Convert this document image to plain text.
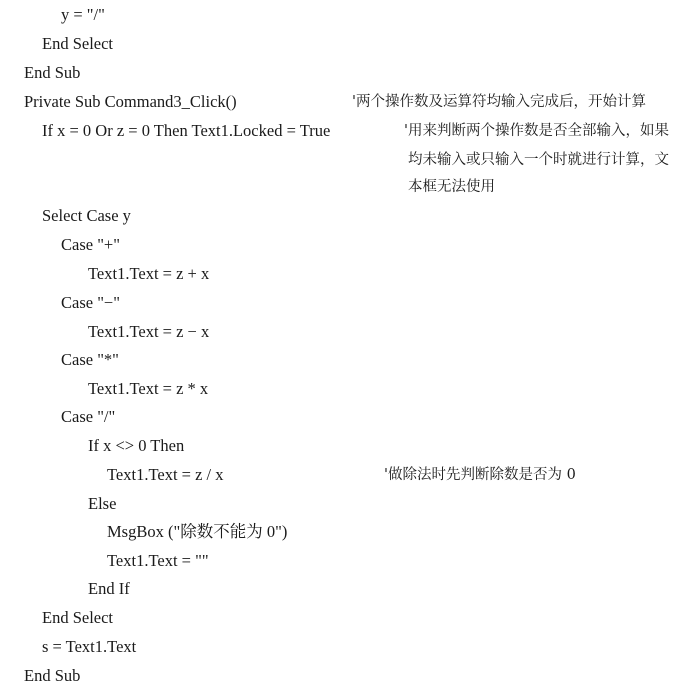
y = "/"
End Select
End Sub
Private Sub Command3_Click()	'两个操作数及运算符均输入完成后，开始计算
If x = 0 Or z = 0 Then Text1.Locked = True	'用来判断两个操作数是否全部输入，如果
均未输入或只输入一个时就进行计算，文
本框无法使用
Select Case y
Case "+"
Text1.Text = z + x
Case "−"
Text1.Text = z − x
Case "*"
Text1.Text = z * x
Case "/"
If x <> 0 Then
Text1.Text = z / x	'做除法时先判断除数是否为 0
Else
MsgBox ("除数不能为 0")
Text1.Text = ""
End If
End Select
s = Text1.Text
End Sub
